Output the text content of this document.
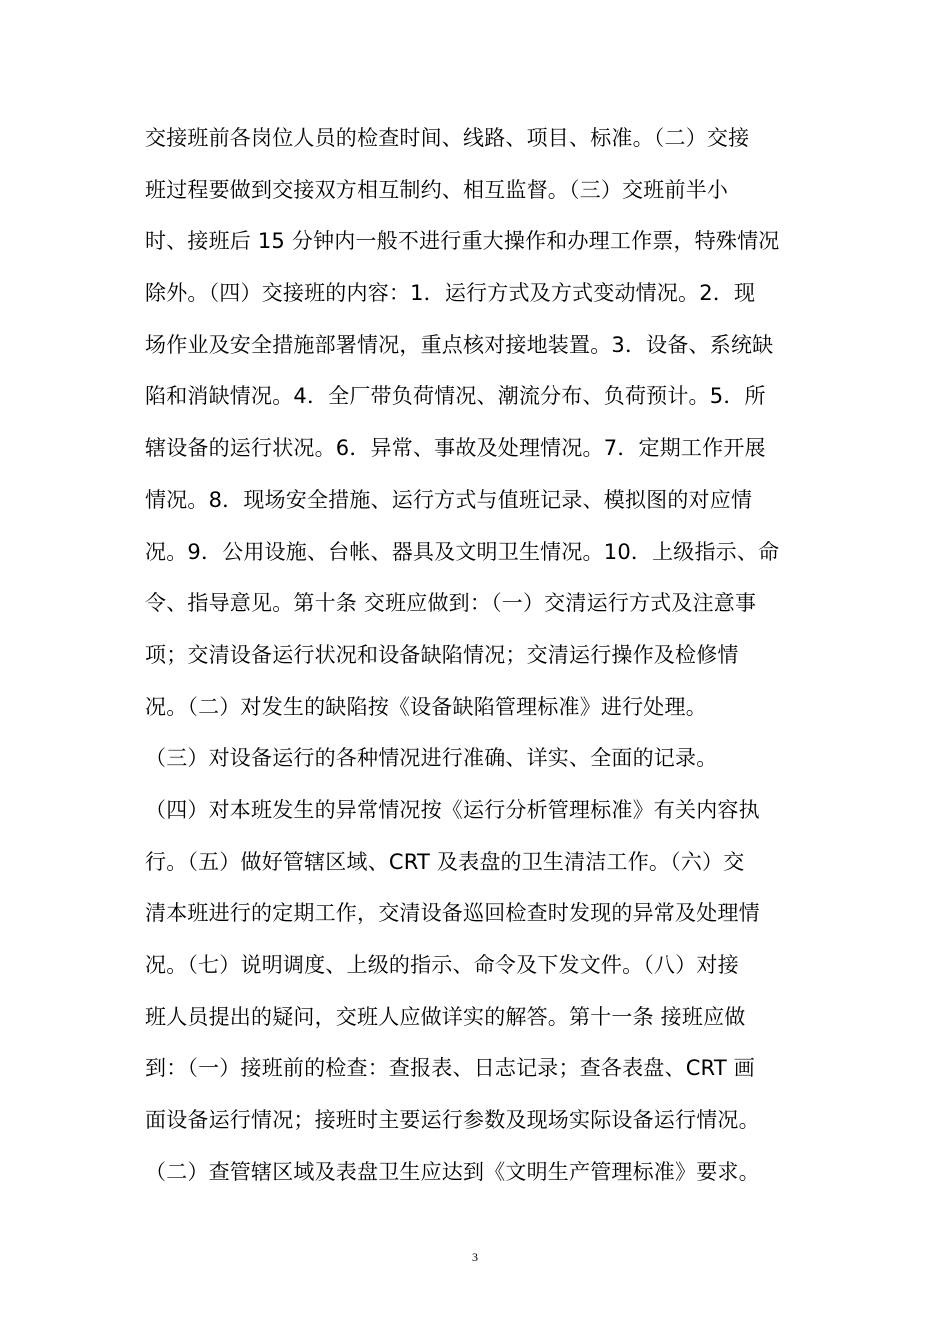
交接班前各岗位人员的检查时间、线路、项目、标准。（二）交接
班过程要做到交接双方相互制约、相互监督。（三）交班前半小
时、接班后 15 分钟内一般不进行重大操作和办理工作票，特殊情况
除外。（四）交接班的内容：1．运行方式及方式变动情况。2．现
场作业及安全措施部署情况，重点核对接地装置。3．设备、系统缺
陷和消缺情况。4．全厂带负荷情况、潮流分布、负荷预计。5．所
辖设备的运行状况。6．异常、事故及处理情况。7．定期工作开展
情况。8．现场安全措施、运行方式与值班记录、模拟图的对应情
况。9．公用设施、台帐、器具及文明卫生情况。10．上级指示、命
令、指导意见。第十条 交班应做到：（一）交清运行方式及注意事
项；交清设备运行状况和设备缺陷情况；交清运行操作及检修情
况。（二）对发生的缺陷按《设备缺陷管理标准》进行处理。
（三）对设备运行的各种情况进行准确、详实、全面的记录。
（四）对本班发生的异常情况按《运行分析管理标准》有关内容执
行。（五）做好管辖区域、CRT 及表盘的卫生清洁工作。（六）交
清本班进行的定期工作，交清设备巡回检查时发现的异常及处理情
况。（七）说明调度、上级的指示、命令及下发文件。（八）对接
班人员提出的疑问，交班人应做详实的解答。第十一条 接班应做
到：（一）接班前的检查：查报表、日志记录；查各表盘、CRT 画
面设备运行情况；接班时主要运行参数及现场实际设备运行情况。
（二）查管辖区域及表盘卫生应达到《文明生产管理标准》要求。
3
